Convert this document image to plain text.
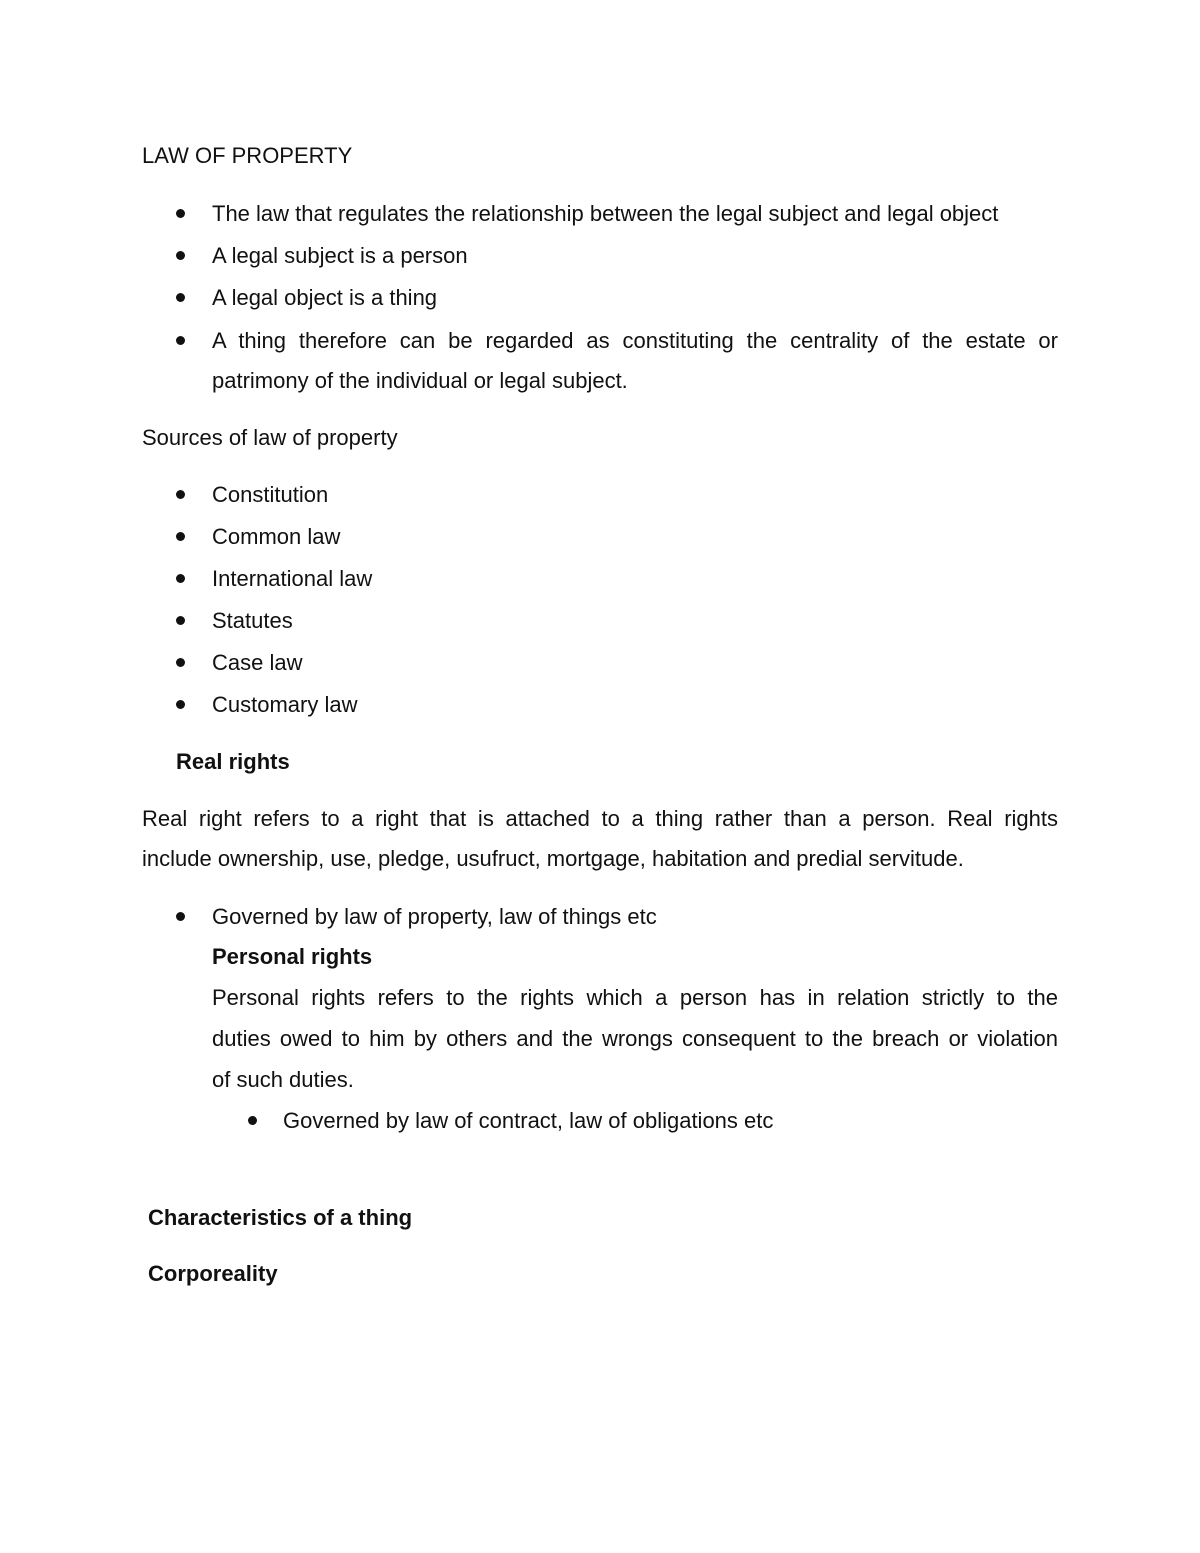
LAW OF PROPERTY
The law that regulates the relationship between the legal subject and legal object
A legal subject is a person
A legal object is a thing
A thing therefore can be regarded as constituting the centrality of the estate or
patrimony of the individual or legal subject.
Sources of law of property
Constitution
Common law
International law
Statutes
Case law
Customary law
Real rights
Real right refers to a right that is attached to a thing rather than a person. Real rights
include ownership, use, pledge, usufruct, mortgage, habitation and predial servitude.
Governed by law of property, law of things etc
Personal rights
Personal rights refers to the rights which a person has in relation strictly to the
duties owed to him by others and the wrongs consequent to the breach or violation
of such duties.
Governed by law of contract, law of obligations etc
Characteristics of a thing
Corporeality
